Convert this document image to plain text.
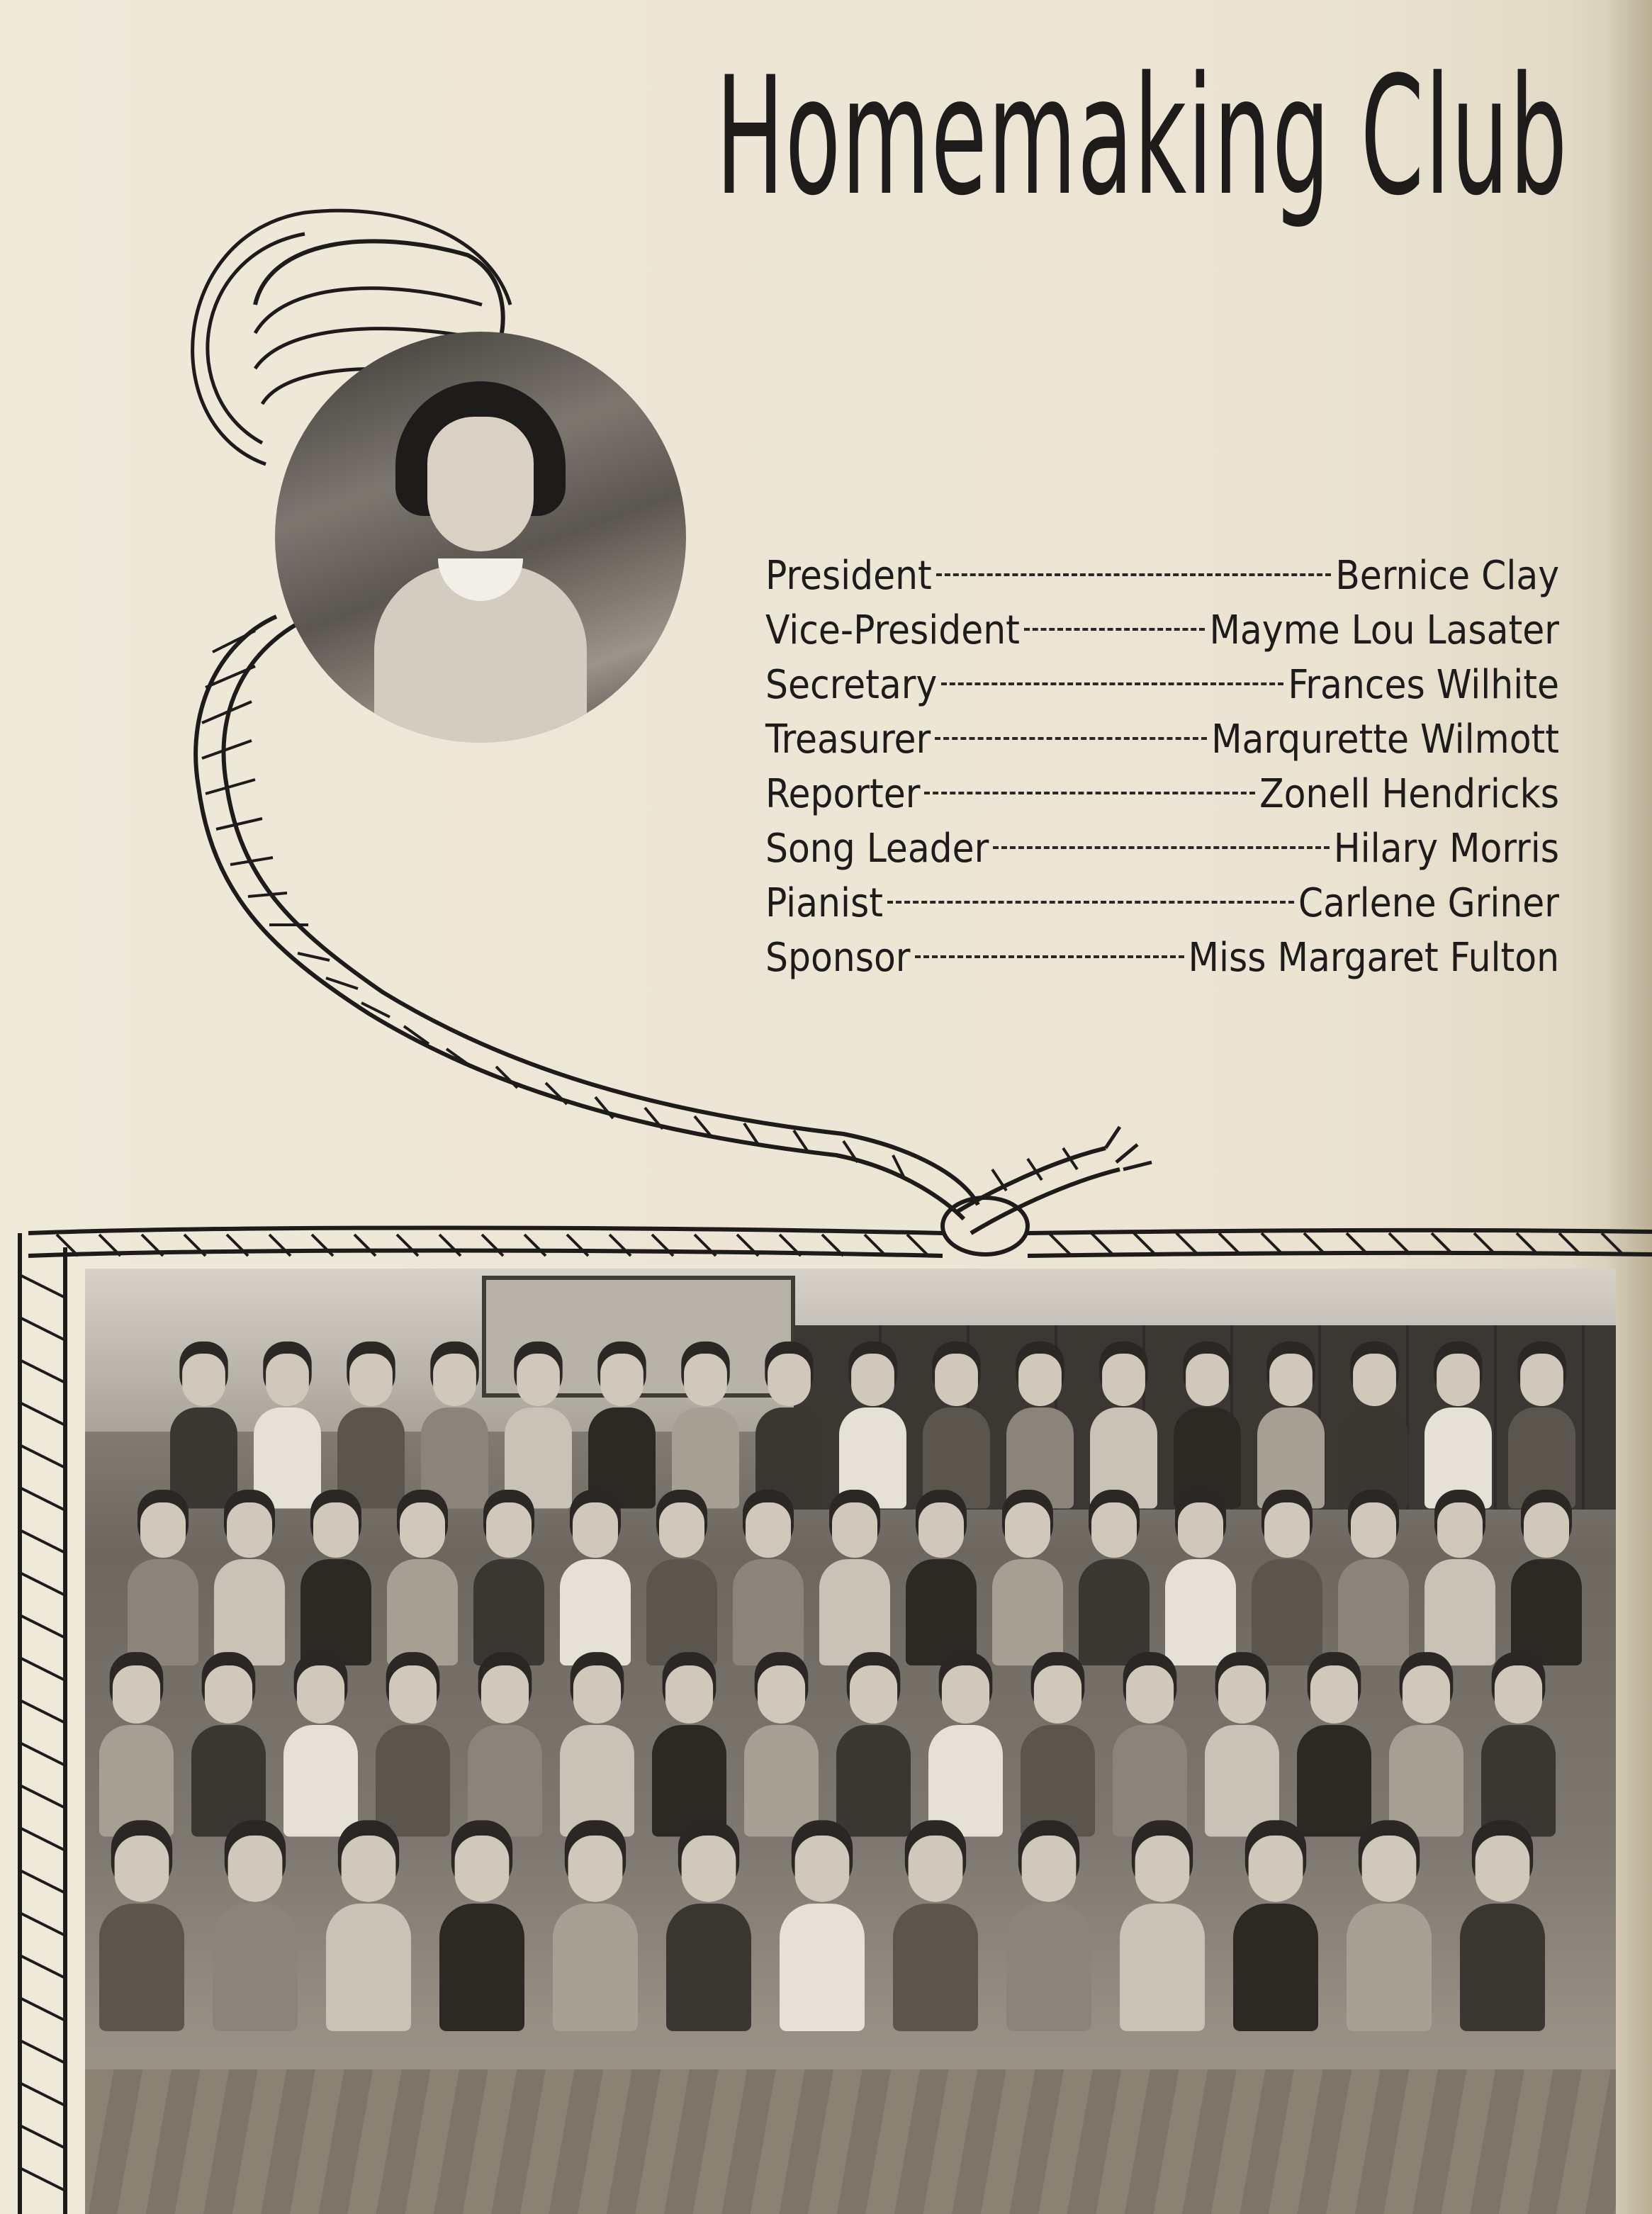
Homemaking Club
President	Bernice Clay
Vice-President	Mayme Lou Lasater
Secretary	Frances Wilhite
Treasurer	Marqurette Wilmott
Reporter	Zonell Hendricks
Song Leader	Hilary Morris
Pianist	Carlene Griner
Sponsor	Miss Margaret Fulton
